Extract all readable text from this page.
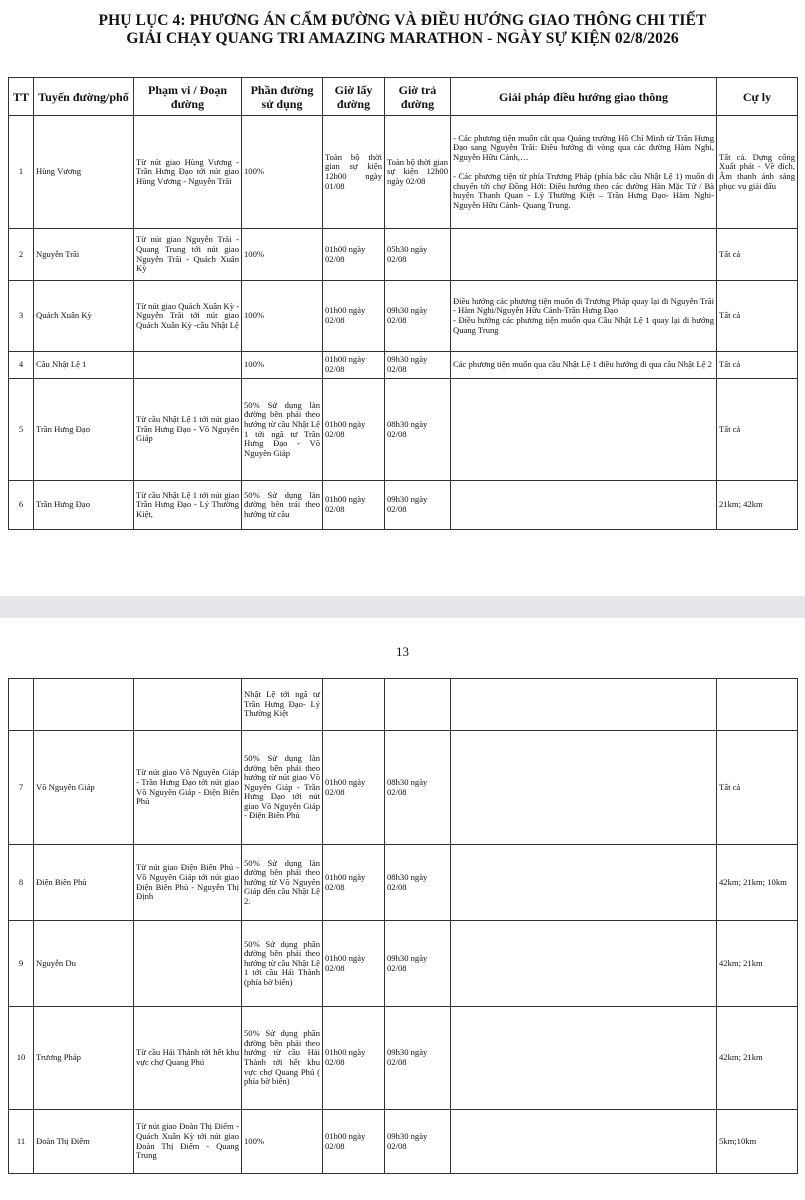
PHỤ LỤC 4: PHƯƠNG ÁN CẤM ĐƯỜNG VÀ ĐIỀU HƯỚNG GIAO THÔNG CHI TIẾT
GIẢI CHẠY QUANG TRI AMAZING MARATHON - NGÀY SỰ KIỆN 02/8/2026
TT	Tuyến đường/phố	Phạm vi / Đoạn đường	Phần đường sử dụng	Giờ lấy đường	Giờ trả đường	Giải pháp điều hướng giao thông	Cự ly
1	Hùng Vương	Từ nút giao Hùng Vương - Trần Hưng Đạo tới nút giao Hùng Vương - Nguyễn Trãi	100%	Toàn bộ thời gian sự kiện 12h00 ngày 01/08	Toàn bộ thời gian sự kiện 12h00 ngày 02/08	- Các phương tiện muốn cắt qua Quảng trường Hồ Chí Minh từ Trần Hưng Đạo sang Nguyễn Trãi: Điều hướng đi vòng qua các đường Hàm Nghi, Nguyễn Hữu Cảnh,…

- Các phương tiện từ phía Trương Pháp (phía bắc cầu Nhật Lệ 1) muốn di chuyển tới chợ Đồng Hới: Điều hướng theo các đường Hàn Mặc Tử / Bà huyện Thanh Quan - Lý Thường Kiệt – Trần Hưng Đạo- Hàm Nghi- Nguyễn Hữu Cảnh- Quang Trung.	Tất cả. Dựng cổng Xuất phát - Về đích, Âm thanh ánh sáng phục vụ giải đấu
2	Nguyễn Trãi	Từ nút giao Nguyễn Trãi - Quang Trung tới nút giao Nguyễn Trãi - Quách Xuân Kỳ	100%	01h00 ngày 02/08	05h30 ngày 02/08		Tất cả
3	Quách Xuân Kỳ	Từ nút giao Quách Xuân Kỳ - Nguyễn Trãi tới nút giao Quách Xuân Kỳ -cầu Nhật Lệ	100%	01h00 ngày 02/08	09h30 ngày 02/08	Điều hướng các phương tiện muốn đi Trương Pháp quay lại đi Nguyễn Trãi - Hàm Nghi/Nguyễn Hữu Cảnh-Trần Hưng Đạo
- Điều hướng các phương tiện muốn qua Cầu Nhật Lệ 1 quay lại đi hướng Quang Trung	Tất cả
4	Cầu Nhật Lệ 1		100%	01h00 ngày 02/08	09h30 ngày 02/08	Các phương tiện muốn qua cầu Nhật Lệ 1 điều hướng đi qua cầu Nhật Lệ 2	Tất cả
5	Trần Hưng Đạo	Từ cầu Nhật Lệ 1 tới nút giao Trần Hưng Đạo - Võ Nguyên Giáp	50% Sử dụng làn đường bên phải theo hướng từ cầu Nhật Lệ 1 tới ngã tư Trần Hưng Đạo - Võ Nguyên Giáp	01h00 ngày 02/08	08h30 ngày 02/08		Tất cả
6	Trần Hưng Đạo	Từ cầu Nhật Lệ 1 tới nút giao Trần Hưng Đạo - Lý Thường Kiệt,	50% Sử dụng làn đường bên trái theo hướng từ cầu	01h00 ngày 02/08	09h30 ngày 02/08		21km; 42km
13
			Nhật Lệ tới ngã tư Trần Hưng Đạo- Lý Thường Kiệt				
7	Võ Nguyên Giáp	Từ nút giao Võ Nguyên Giáp - Trần Hưng Đạo tới nút giao Võ Nguyên Giáp - Điện Biên Phủ	50% Sử dụng làn đường bên phải theo hướng từ nút giao Võ Nguyên Giáp - Trần Hưng Đạo tới nút giao Võ Nguyên Giáp - Điện Biên Phủ	01h00 ngày 02/08	08h30 ngày 02/08		Tất cả
8	Điện Biên Phủ	Từ nút giao Điện Biên Phủ - Võ Nguyên Giáp tới nút giao Điện Biên Phủ - Nguyễn Thị Định	50% Sử dụng làn đường bên phải theo hướng từ Võ Nguyên Giáp đến cầu Nhật Lệ 2.	01h00 ngày 02/08	08h30 ngày 02/08		42km; 21km; 10km
9	Nguyễn Du		50% Sử dụng phần đường bên phải theo hướng từ cầu Nhật Lệ 1 tới cầu Hải Thành (phía bờ biển)	01h00 ngày 02/08	09h30 ngày 02/08		42km; 21km
10	Trương Pháp	Từ cầu Hải Thành tới hết khu vực chợ Quang Phú	50% Sử dụng phần đường bên phải theo hướng từ cầu Hải Thành tới hết khu vực chợ Quang Phú ( phía bờ biển)	01h00 ngày 02/08	09h30 ngày 02/08		42km; 21km
11	Đoàn Thị Điểm	Từ nút giao Đoàn Thị Điểm - Quách Xuân Kỳ tới nút giao Đoàn Thị Điểm - Quang Trung	100%	01h00 ngày 02/08	09h30 ngày 02/08		5km;10km
